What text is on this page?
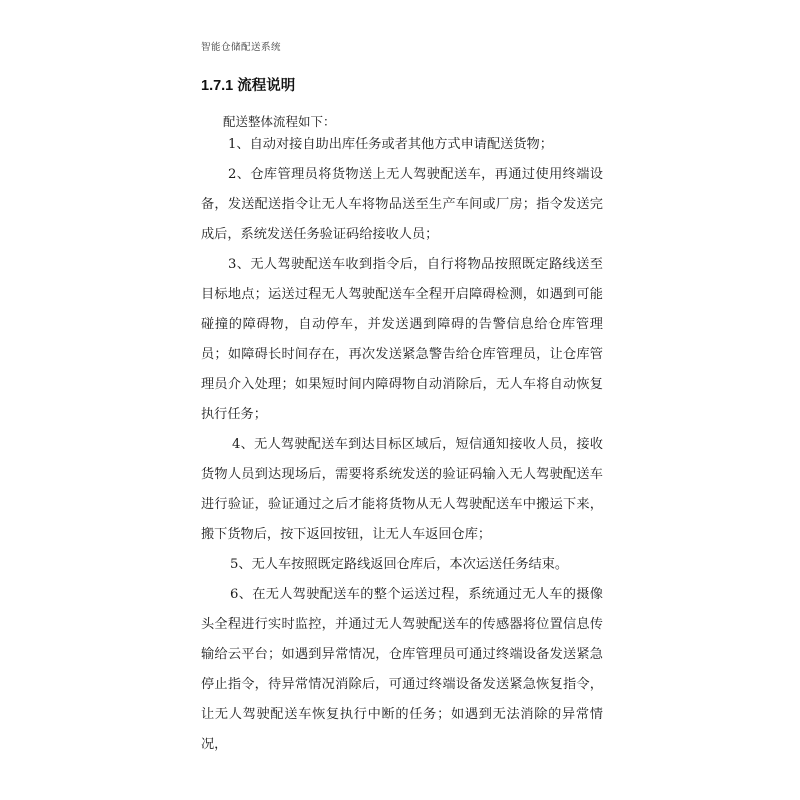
智能仓储配送系统
1.7.1 流程说明
配送整体流程如下：

1、自动对接自助出库任务或者其他方式申请配送货物；

2、仓库管理员将货物送上无人驾驶配送车，再通过使用终端设备，发送配送指令让无人车将物品送至生产车间或厂房；指令发送完成后，系统发送任务验证码给接收人员；

3、无人驾驶配送车收到指令后，自行将物品按照既定路线送至目标地点；运送过程无人驾驶配送车全程开启障碍检测，如遇到可能碰撞的障碍物，自动停车，并发送遇到障碍的告警信息给仓库管理员；如障碍长时间存在，再次发送紧急警告给仓库管理员，让仓库管理员介入处理；如果短时间内障碍物自动消除后，无人车将自动恢复执行任务；

4、无人驾驶配送车到达目标区域后，短信通知接收人员，接收货物人员到达现场后，需要将系统发送的验证码输入无人驾驶配送车进行验证，验证通过之后才能将货物从无人驾驶配送车中搬运下来，搬下货物后，按下返回按钮，让无人车返回仓库；

5、无人车按照既定路线返回仓库后，本次运送任务结束。

6、在无人驾驶配送车的整个运送过程，系统通过无人车的摄像头全程进行实时监控，并通过无人驾驶配送车的传感器将位置信息传输给云平台；如遇到异常情况，仓库管理员可通过终端设备发送紧急停止指令，待异常情况消除后，可通过终端设备发送紧急恢复指令，让无人驾驶配送车恢复执行中断的任务；如遇到无法消除的异常情况，
